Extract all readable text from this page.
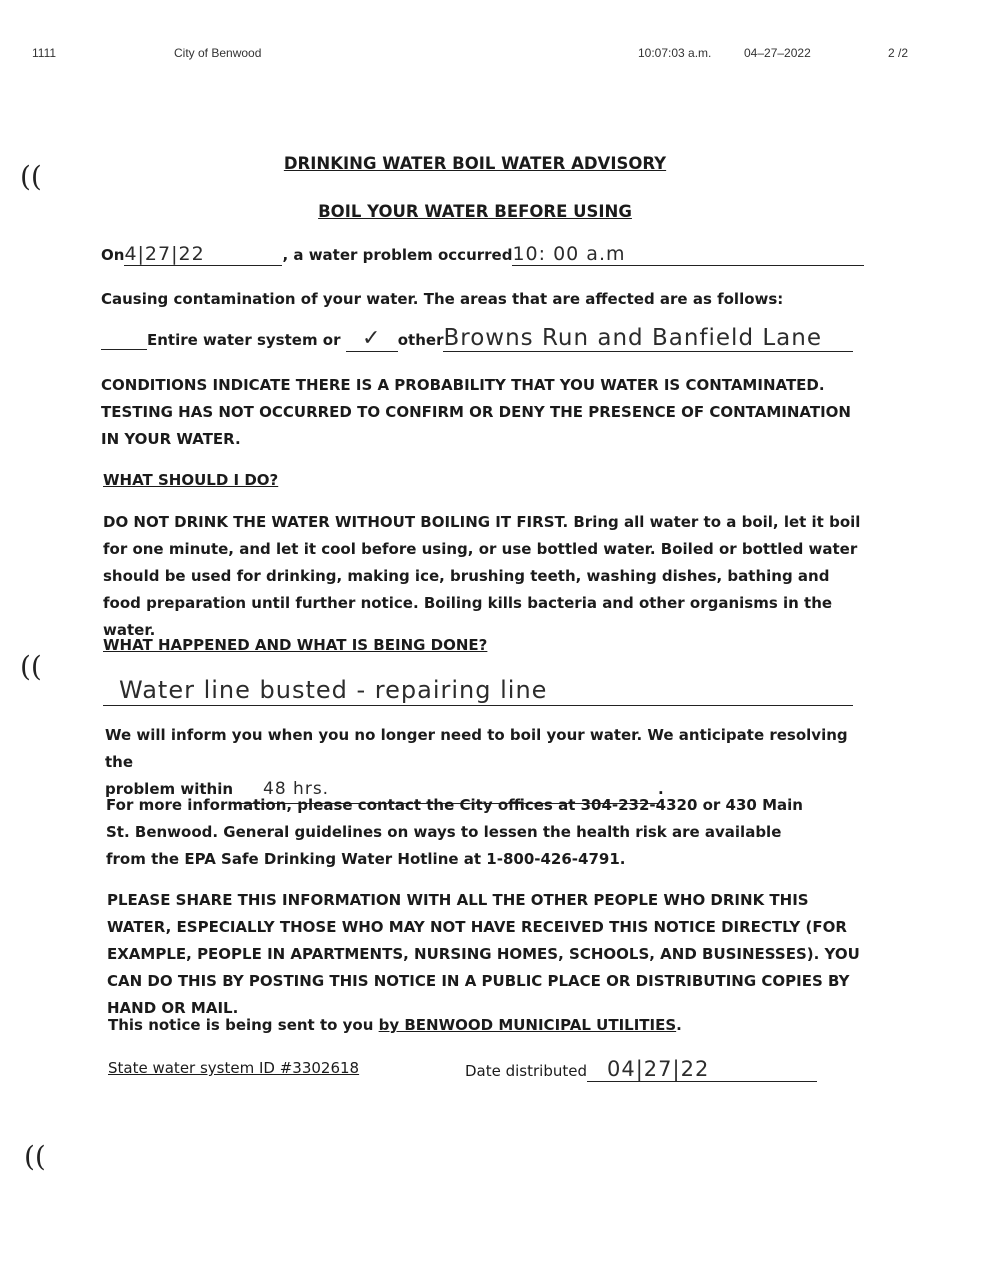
1111	City of Benwood	10:07:03 a.m.	04–27–2022	2 /2
((
((
((
DRINKING WATER BOIL WATER ADVISORY
BOIL YOUR WATER BEFORE USING
On4|27|22	, a water problem occurred10: 00 a.m
Causing contamination of your water. The areas that are affected are as follows:
Entire water system or ✓ otherBrowns Run and Banfield Lane
CONDITIONS INDICATE THERE IS A PROBABILITY THAT YOU WATER IS CONTAMINATED. TESTING HAS NOT OCCURRED TO CONFIRM OR DENY THE PRESENCE OF CONTAMINATION IN YOUR WATER.
WHAT SHOULD I DO?
DO NOT DRINK THE WATER WITHOUT BOILING IT FIRST. Bring all water to a boil, let it boil for one minute, and let it cool before using, or use bottled water. Boiled or bottled water should be used for drinking, making ice, brushing teeth, washing dishes, bathing and food preparation until further notice. Boiling kills bacteria and other organisms in the water.
WHAT HAPPENED AND WHAT IS BEING DONE?
Water line busted - repairing line
We will inform you when you no longer need to boil your water. We anticipate resolving the
problem within 48 hrs.	.
For more information, please contact the City offices at 304-232-4320 or 430 Main St. Benwood. General guidelines on ways to lessen the health risk are available from the EPA Safe Drinking Water Hotline at 1-800-426-4791.
PLEASE SHARE THIS INFORMATION WITH ALL THE OTHER PEOPLE WHO DRINK THIS WATER, ESPECIALLY THOSE WHO MAY NOT HAVE RECEIVED THIS NOTICE DIRECTLY (FOR EXAMPLE, PEOPLE IN APARTMENTS, NURSING HOMES, SCHOOLS, AND BUSINESSES). YOU CAN DO THIS BY POSTING THIS NOTICE IN A PUBLIC PLACE OR DISTRIBUTING COPIES BY HAND OR MAIL.
This notice is being sent to you by BENWOOD MUNICIPAL UTILITIES.
State water system ID #3302618	Date distributed 04|27|22
